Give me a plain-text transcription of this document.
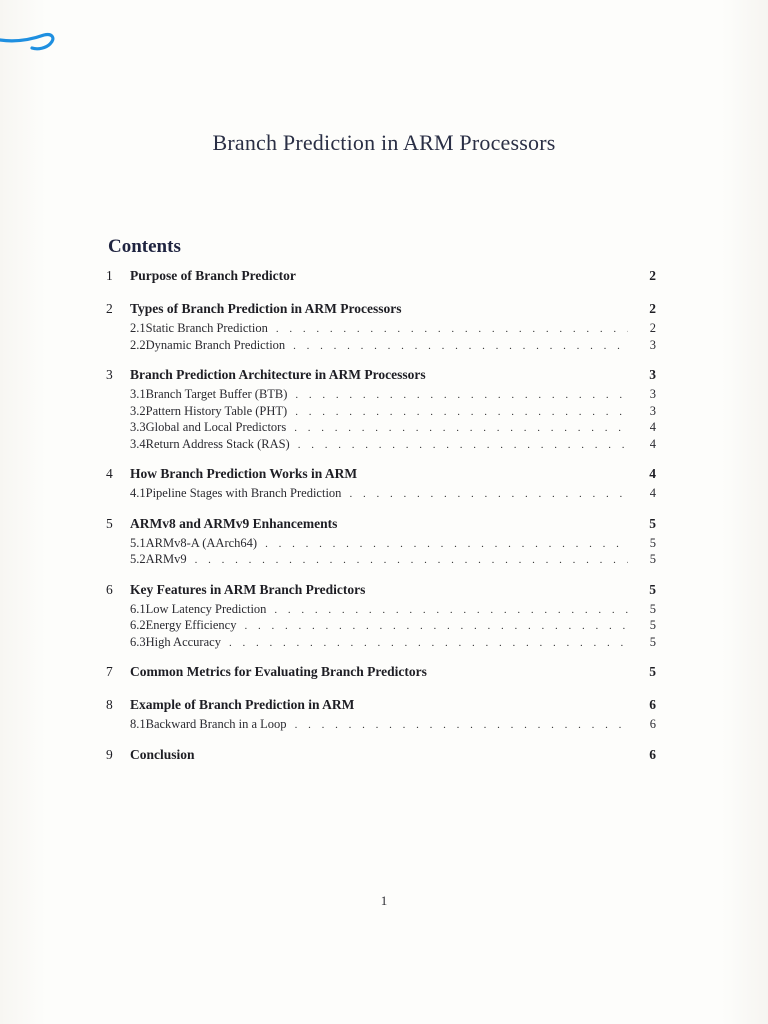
Branch Prediction in ARM Processors
Contents
1	Purpose of Branch Predictor	2
2	Types of Branch Prediction in ARM Processors	2
2.1 Static Branch Prediction . . .	2
2.2 Dynamic Branch Prediction . . .	3
3	Branch Prediction Architecture in ARM Processors	3
3.1 Branch Target Buffer (BTB) . . .	3
3.2 Pattern History Table (PHT) . . .	3
3.3 Global and Local Predictors . . .	4
3.4 Return Address Stack (RAS) . . .	4
4	How Branch Prediction Works in ARM	4
4.1 Pipeline Stages with Branch Prediction . . .	4
5	ARMv8 and ARMv9 Enhancements	5
5.1 ARMv8-A (AArch64) . . .	5
5.2 ARMv9 . . .	5
6	Key Features in ARM Branch Predictors	5
6.1 Low Latency Prediction . . .	5
6.2 Energy Efficiency . . .	5
6.3 High Accuracy . . .	5
7	Common Metrics for Evaluating Branch Predictors	5
8	Example of Branch Prediction in ARM	6
8.1 Backward Branch in a Loop . . .	6
9	Conclusion	6
1
